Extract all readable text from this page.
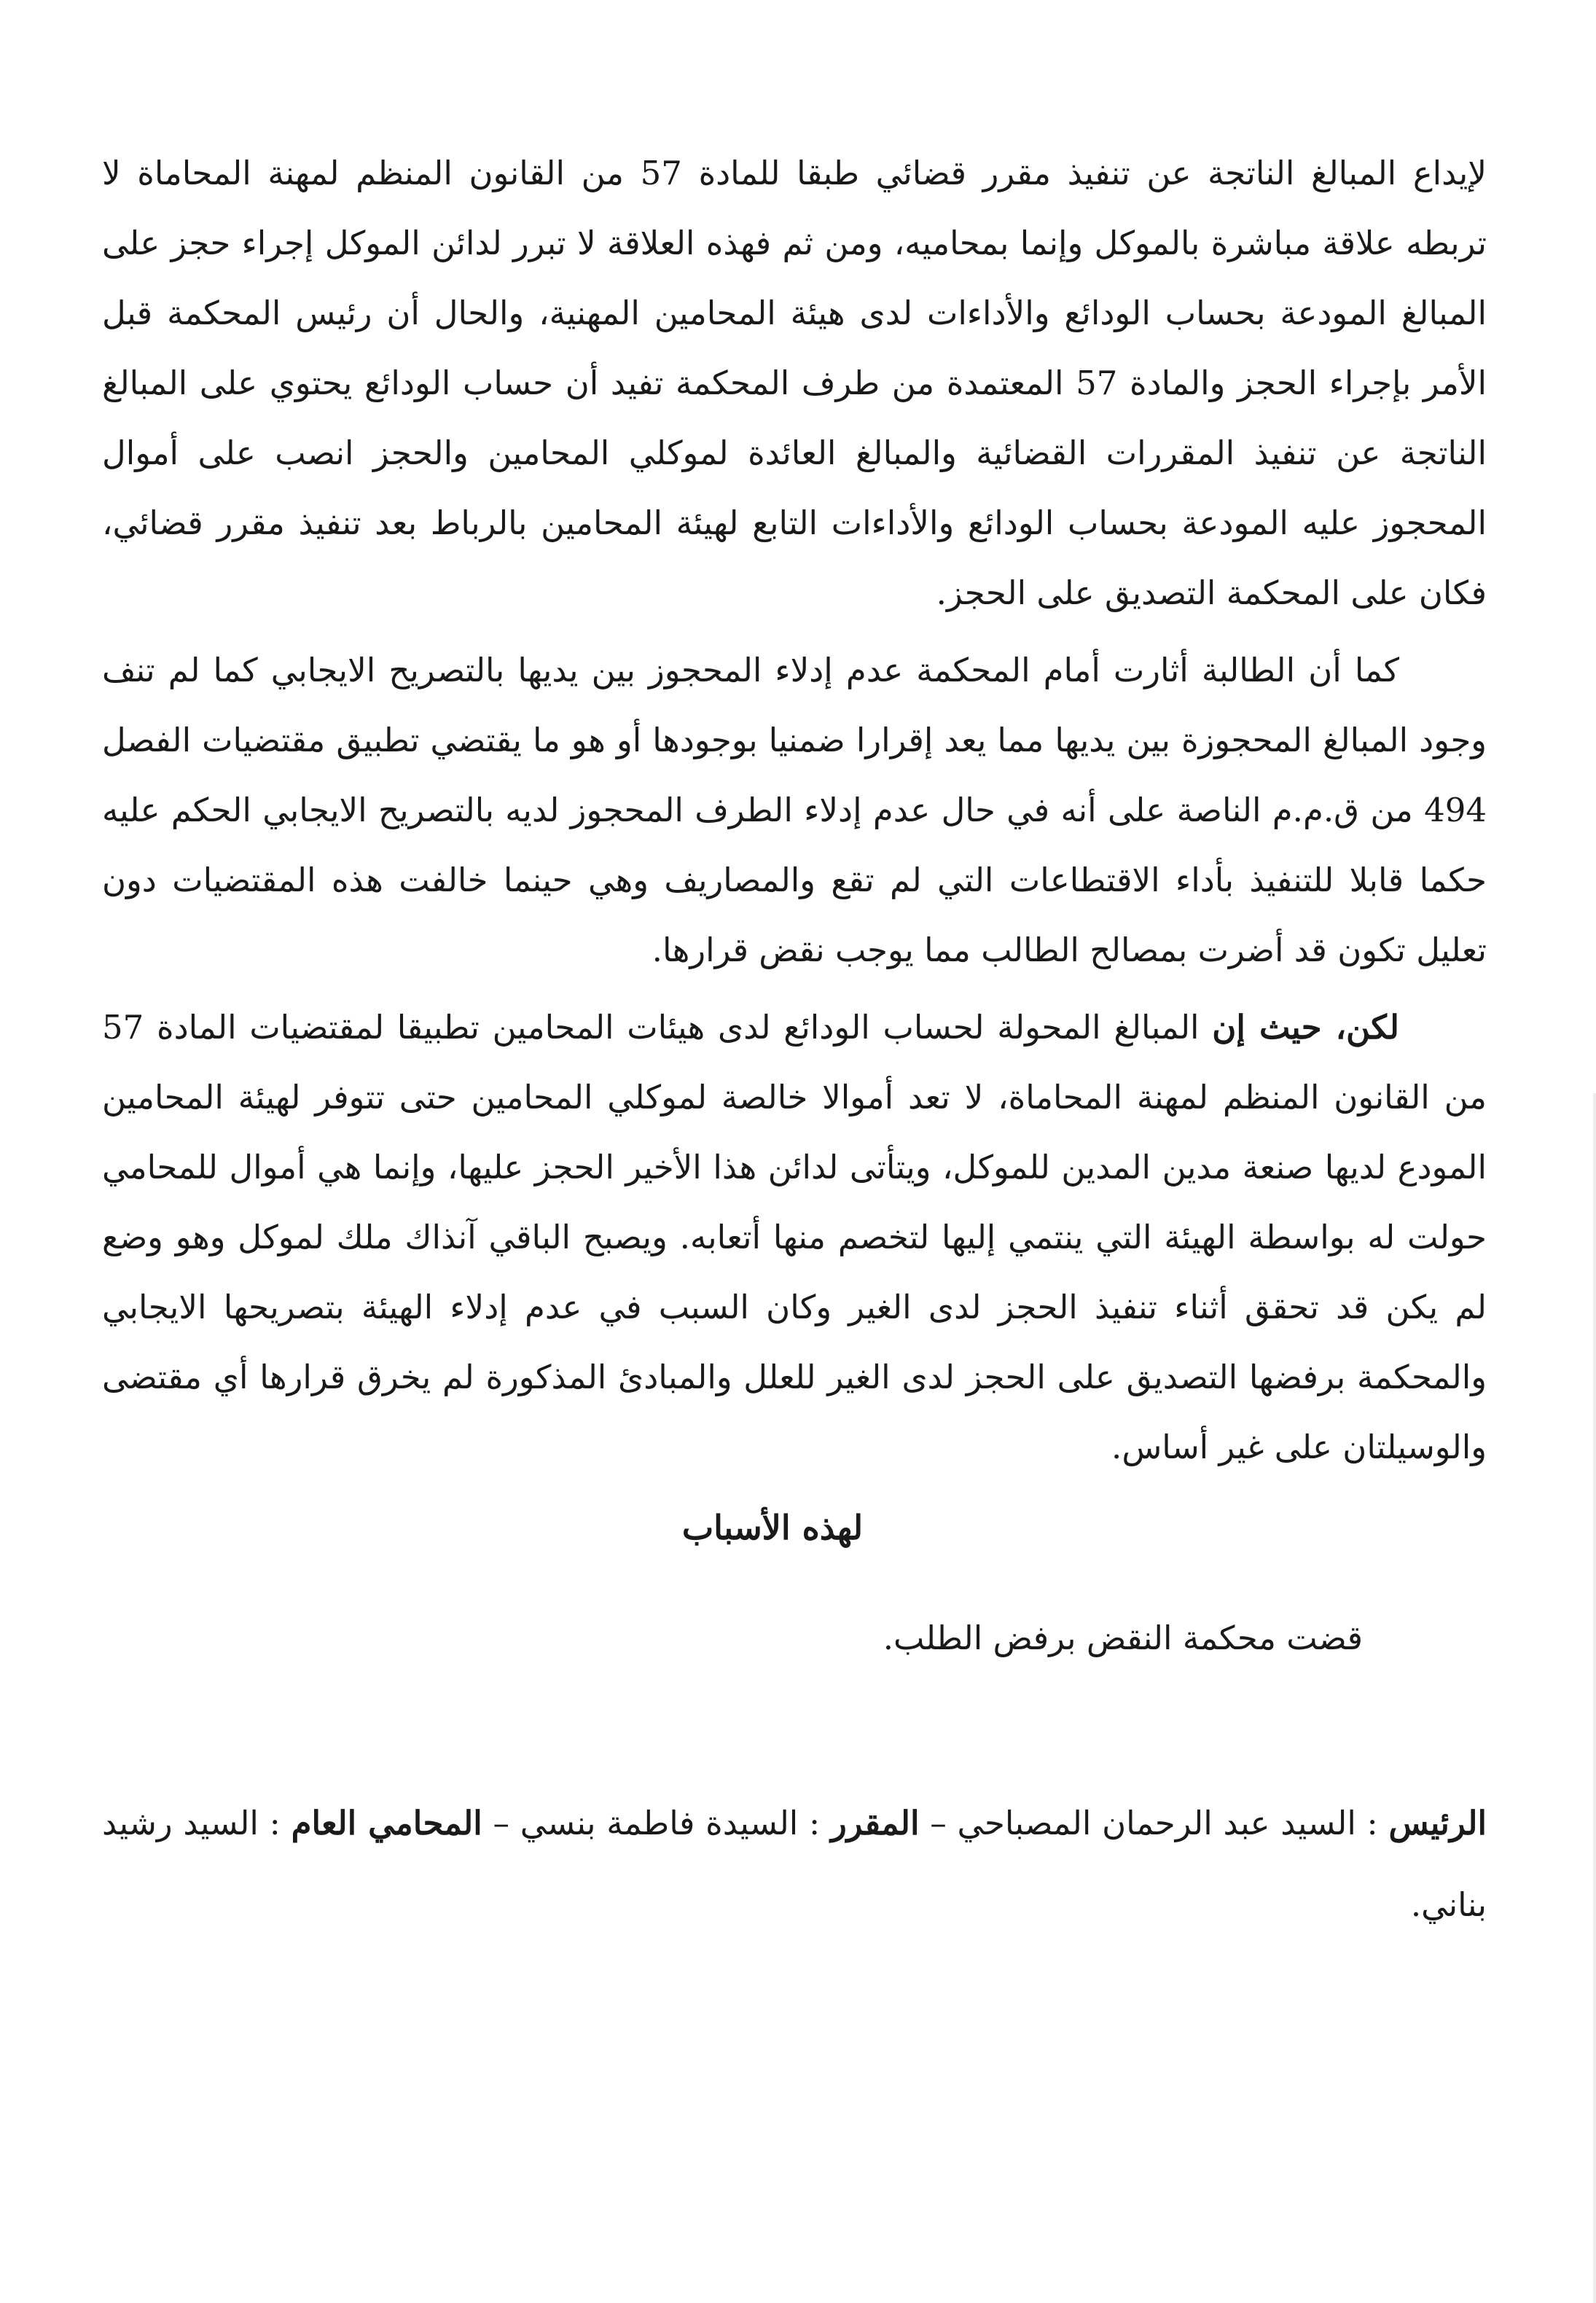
لإيداع المبالغ الناتجة عن تنفيذ مقرر قضائي طبقا للمادة 57 من القانون المنظم لمهنة المحاماة لا تربطه علاقة مباشرة بالموكل وإنما بمحاميه، ومن ثم فهذه العلاقة لا تبرر لدائن الموكل إجراء حجز على المبالغ المودعة بحساب الودائع والأداءات لدى هيئة المحامين المهنية، والحال أن رئيس المحكمة قبل الأمر بإجراء الحجز والمادة 57 المعتمدة من طرف المحكمة تفيد أن حساب الودائع يحتوي على المبالغ الناتجة عن تنفيذ المقررات القضائية والمبالغ العائدة لموكلي المحامين والحجز انصب على أموال المحجوز عليه المودعة بحساب الودائع والأداءات التابع لهيئة المحامين بالرباط بعد تنفيذ مقرر قضائي، فكان على المحكمة التصديق على الحجز.

كما أن الطالبة أثارت أمام المحكمة عدم إدلاء المحجوز بين يديها بالتصريح الايجابي كما لم تنف وجود المبالغ المحجوزة بين يديها مما يعد إقرارا ضمنيا بوجودها أو هو ما يقتضي تطبيق مقتضيات الفصل 494 من ق.م.م الناصة على أنه في حال عدم إدلاء الطرف المحجوز لديه بالتصريح الايجابي الحكم عليه حكما قابلا للتنفيذ بأداء الاقتطاعات التي لم تقع والمصاريف وهي حينما خالفت هذه المقتضيات دون تعليل تكون قد أضرت بمصالح الطالب مما يوجب نقض قرارها.

لكن، حيث إن المبالغ المحولة لحساب الودائع لدى هيئات المحامين تطبيقا لمقتضيات المادة 57 من القانون المنظم لمهنة المحاماة، لا تعد أموالا خالصة لموكلي المحامين حتى تتوفر لهيئة المحامين المودع لديها صنعة مدين المدين للموكل، ويتأتى لدائن هذا الأخير الحجز عليها، وإنما هي أموال للمحامي حولت له بواسطة الهيئة التي ينتمي إليها لتخصم منها أتعابه. ويصبح الباقي آنذاك ملك لموكل وهو وضع لم يكن قد تحقق أثناء تنفيذ الحجز لدى الغير وكان السبب في عدم إدلاء الهيئة بتصريحها الايجابي والمحكمة برفضها التصديق على الحجز لدى الغير للعلل والمبادئ المذكورة لم يخرق قرارها أي مقتضى والوسيلتان على غير أساس.

لهذه الأسباب

قضت محكمة النقض برفض الطلب.

الرئيس : السيد عبد الرحمان المصباحي – المقرر : السيدة فاطمة بنسي – المحامي العام : السيد رشيد بناني.
